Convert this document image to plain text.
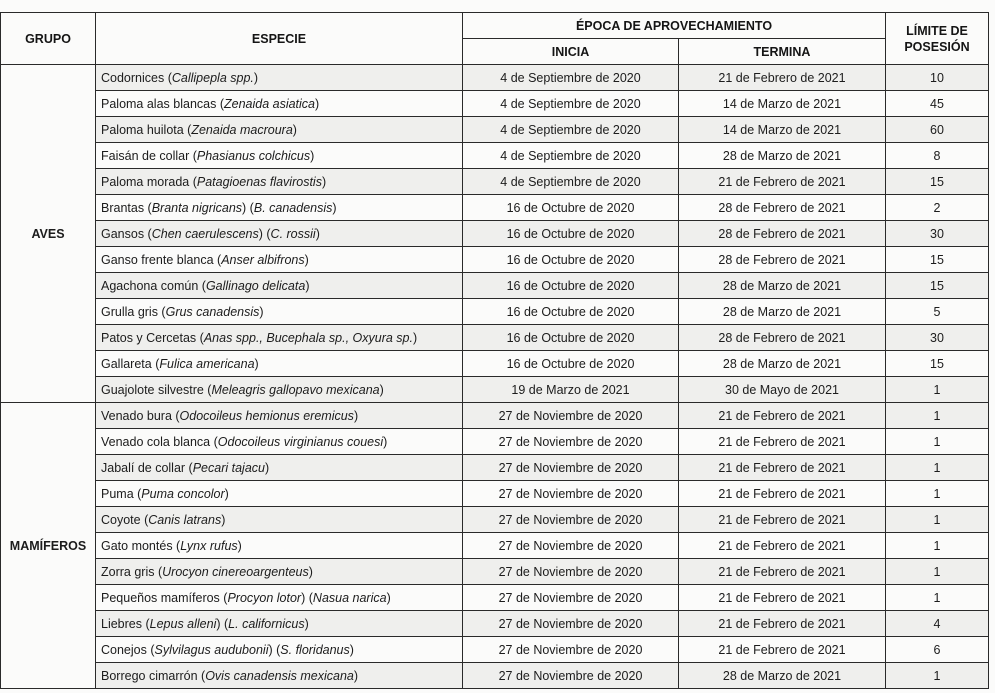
GRUPO	ESPECIE	ÉPOCA DE APROVECHAMIENTO		LÍMITE DE
POSESIÓN
		INICIA	TERMINA	
AVES	Codornices (Callipepla spp.)	4 de Septiembre de 2020	21 de Febrero de 2021	10
	Paloma alas blancas (Zenaida asiatica)	4 de Septiembre de 2020	14 de Marzo de 2021	45
	Paloma huilota (Zenaida macroura)	4 de Septiembre de 2020	14 de Marzo de 2021	60
	Faisán de collar (Phasianus colchicus)	4 de Septiembre de 2020	28 de Marzo de 2021	8
	Paloma morada (Patagioenas flavirostis)	4 de Septiembre de 2020	21 de Febrero de 2021	15
	Brantas (Branta nigricans) (B. canadensis)	16 de Octubre de 2020	28 de Febrero de 2021	2
	Gansos (Chen caerulescens) (C. rossii)	16 de Octubre de 2020	28 de Febrero de 2021	30
	Ganso frente blanca (Anser albifrons)	16 de Octubre de 2020	28 de Febrero de 2021	15
	Agachona común (Gallinago delicata)	16 de Octubre de 2020	28 de Marzo de 2021	15
	Grulla gris (Grus canadensis)	16 de Octubre de 2020	28 de Marzo de 2021	5
	Patos y Cercetas (Anas spp., Bucephala sp., Oxyura sp.)	16 de Octubre de 2020	28 de Febrero de 2021	30
	Gallareta (Fulica americana)	16 de Octubre de 2020	28 de Marzo de 2021	15
	Guajolote silvestre (Meleagris gallopavo mexicana)	19 de Marzo de 2021	30 de Mayo de 2021	1
MAMÍFEROS	Venado bura (Odocoileus hemionus eremicus)	27 de Noviembre de 2020	21 de Febrero de 2021	1
	Venado cola blanca (Odocoileus virginianus couesi)	27 de Noviembre de 2020	21 de Febrero de 2021	1
	Jabalí de collar (Pecari tajacu)	27 de Noviembre de 2020	21 de Febrero de 2021	1
	Puma (Puma concolor)	27 de Noviembre de 2020	21 de Febrero de 2021	1
	Coyote (Canis latrans)	27 de Noviembre de 2020	21 de Febrero de 2021	1
	Gato montés (Lynx rufus)	27 de Noviembre de 2020	21 de Febrero de 2021	1
	Zorra gris (Urocyon cinereoargenteus)	27 de Noviembre de 2020	21 de Febrero de 2021	1
	Pequeños mamíferos (Procyon lotor) (Nasua narica)	27 de Noviembre de 2020	21 de Febrero de 2021	1
	Liebres (Lepus alleni) (L. californicus)	27 de Noviembre de 2020	21 de Febrero de 2021	4
	Conejos (Sylvilagus audubonii) (S. floridanus)	27 de Noviembre de 2020	21 de Febrero de 2021	6
	Borrego cimarrón (Ovis canadensis mexicana)	27 de Noviembre de 2020	28 de Marzo de 2021	1
